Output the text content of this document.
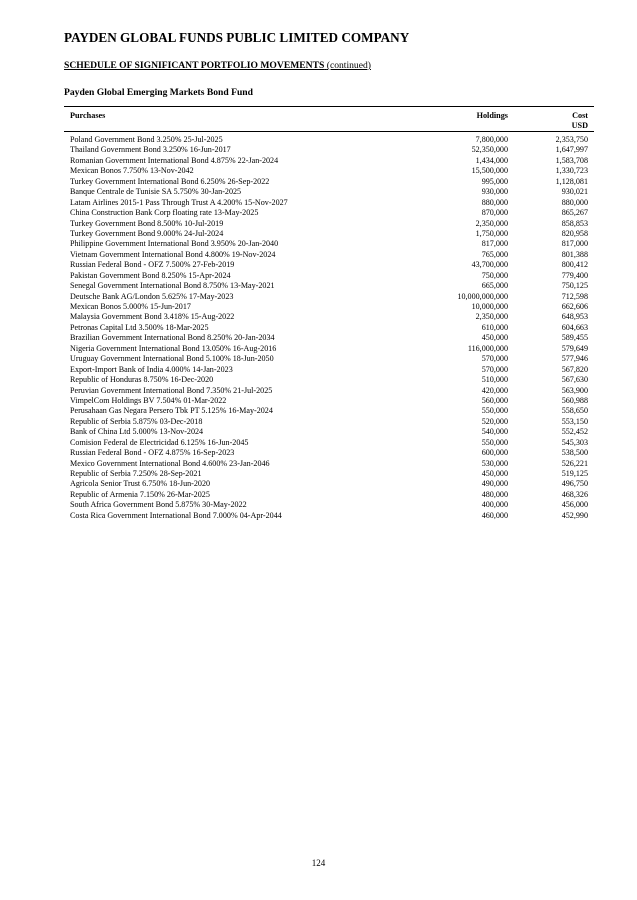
PAYDEN GLOBAL FUNDS PUBLIC LIMITED COMPANY
SCHEDULE OF SIGNIFICANT PORTFOLIO MOVEMENTS (continued)
Payden Global Emerging Markets Bond Fund
Purchases	Holdings	Cost
USD
Poland Government Bond 3.250% 25-Jul-2025	7,800,000	2,353,750
Thailand Government Bond 3.250% 16-Jun-2017	52,350,000	1,647,997
Romanian Government International Bond 4.875% 22-Jan-2024	1,434,000	1,583,708
Mexican Bonos 7.750% 13-Nov-2042	15,500,000	1,330,723
Turkey Government International Bond 6.250% 26-Sep-2022	995,000	1,128,081
Banque Centrale de Tunisie SA 5.750% 30-Jan-2025	930,000	930,021
Latam Airlines 2015-1 Pass Through Trust A 4.200% 15-Nov-2027	880,000	880,000
China Construction Bank Corp floating rate 13-May-2025	870,000	865,267
Turkey Government Bond 8.500% 10-Jul-2019	2,350,000	858,853
Turkey Government Bond 9.000% 24-Jul-2024	1,750,000	820,958
Philippine Government International Bond 3.950% 20-Jan-2040	817,000	817,000
Vietnam Government International Bond 4.800% 19-Nov-2024	765,000	801,388
Russian Federal Bond - OFZ 7.500% 27-Feb-2019	43,700,000	800,412
Pakistan Government Bond 8.250% 15-Apr-2024	750,000	779,400
Senegal Government International Bond 8.750% 13-May-2021	665,000	750,125
Deutsche Bank AG/London 5.625% 17-May-2023	10,000,000,000	712,598
Mexican Bonos 5.000% 15-Jun-2017	10,000,000	662,606
Malaysia Government Bond 3.418% 15-Aug-2022	2,350,000	648,953
Petronas Capital Ltd 3.500% 18-Mar-2025	610,000	604,663
Brazilian Government International Bond 8.250% 20-Jan-2034	450,000	589,455
Nigeria Government International Bond 13.050% 16-Aug-2016	116,000,000	579,649
Uruguay Government International Bond 5.100% 18-Jun-2050	570,000	577,946
Export-Import Bank of India 4.000% 14-Jan-2023	570,000	567,820
Republic of Honduras 8.750% 16-Dec-2020	510,000	567,630
Peruvian Government International Bond 7.350% 21-Jul-2025	420,000	563,900
VimpelCom Holdings BV 7.504% 01-Mar-2022	560,000	560,988
Perusahaan Gas Negara Persero Tbk PT 5.125% 16-May-2024	550,000	558,650
Republic of Serbia 5.875% 03-Dec-2018	520,000	553,150
Bank of China Ltd 5.000% 13-Nov-2024	540,000	552,452
Comision Federal de Electricidad 6.125% 16-Jun-2045	550,000	545,303
Russian Federal Bond - OFZ 4.875% 16-Sep-2023	600,000	538,500
Mexico Government International Bond 4.600% 23-Jan-2046	530,000	526,221
Republic of Serbia 7.250% 28-Sep-2021	450,000	519,125
Agricola Senior Trust 6.750% 18-Jun-2020	490,000	496,750
Republic of Armenia 7.150% 26-Mar-2025	480,000	468,326
South Africa Government Bond 5.875% 30-May-2022	400,000	456,000
Costa Rica Government International Bond 7.000% 04-Apr-2044	460,000	452,990
124
